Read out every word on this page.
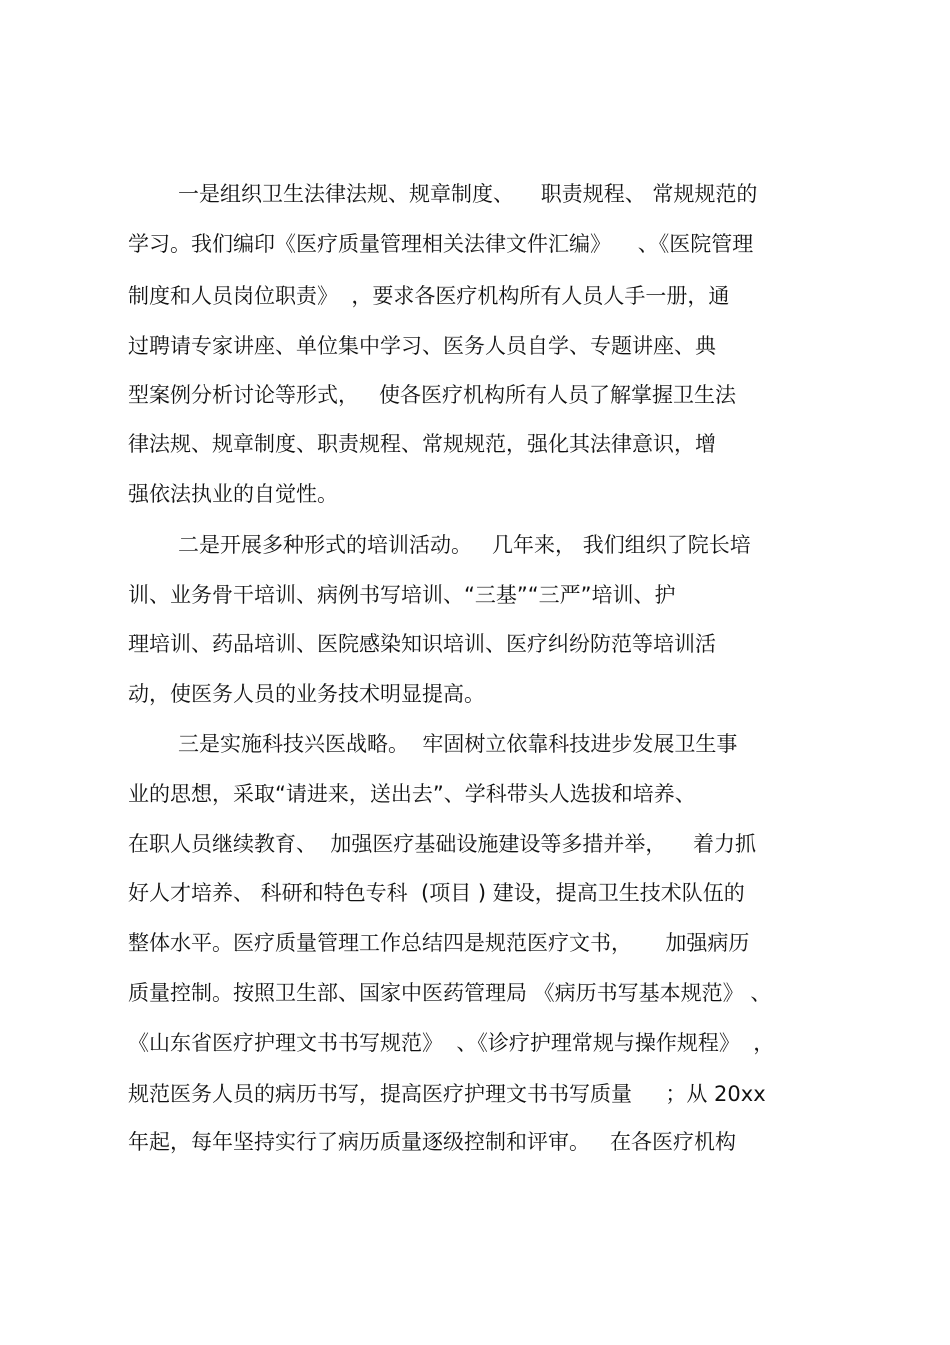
一是组织卫生法律法规、规章制度、    职责规程、 常规规范的
学习。我们编印《医疗质量管理相关法律文件汇编》    、《医院管理
制度和人员岗位职责》  ，要求各医疗机构所有人员人手一册，通
过聘请专家讲座、单位集中学习、医务人员自学、专题讲座、典
型案例分析讨论等形式，   使各医疗机构所有人员了解掌握卫生法
律法规、规章制度、职责规程、常规规范，强化其法律意识，增
强依法执业的自觉性。
二是开展多种形式的培训活动。   几年来， 我们组织了院长培
训、业务骨干培训、病例书写培训、“三基”“三严”培训、护
理培训、药品培训、医院感染知识培训、医疗纠纷防范等培训活
动，使医务人员的业务技术明显提高。
三是实施科技兴医战略。  牢固树立依靠科技进步发展卫生事
业的思想，采取“请进来，送出去”、学科带头人选拔和培养、
在职人员继续教育、  加强医疗基础设施建设等多措并举，    着力抓
好人才培养、 科研和特色专科  (项目 ) 建设，提高卫生技术队伍的
整体水平。医疗质量管理工作总结四是规范医疗文书，     加强病历
质量控制。按照卫生部、国家中医药管理局 《病历书写基本规范》 、
《山东省医疗护理文书书写规范》  、《诊疗护理常规与操作规程》  ，
规范医务人员的病历书写，提高医疗护理文书书写质量     ；从 20xx
年起，每年坚持实行了病历质量逐级控制和评审。   在各医疗机构
